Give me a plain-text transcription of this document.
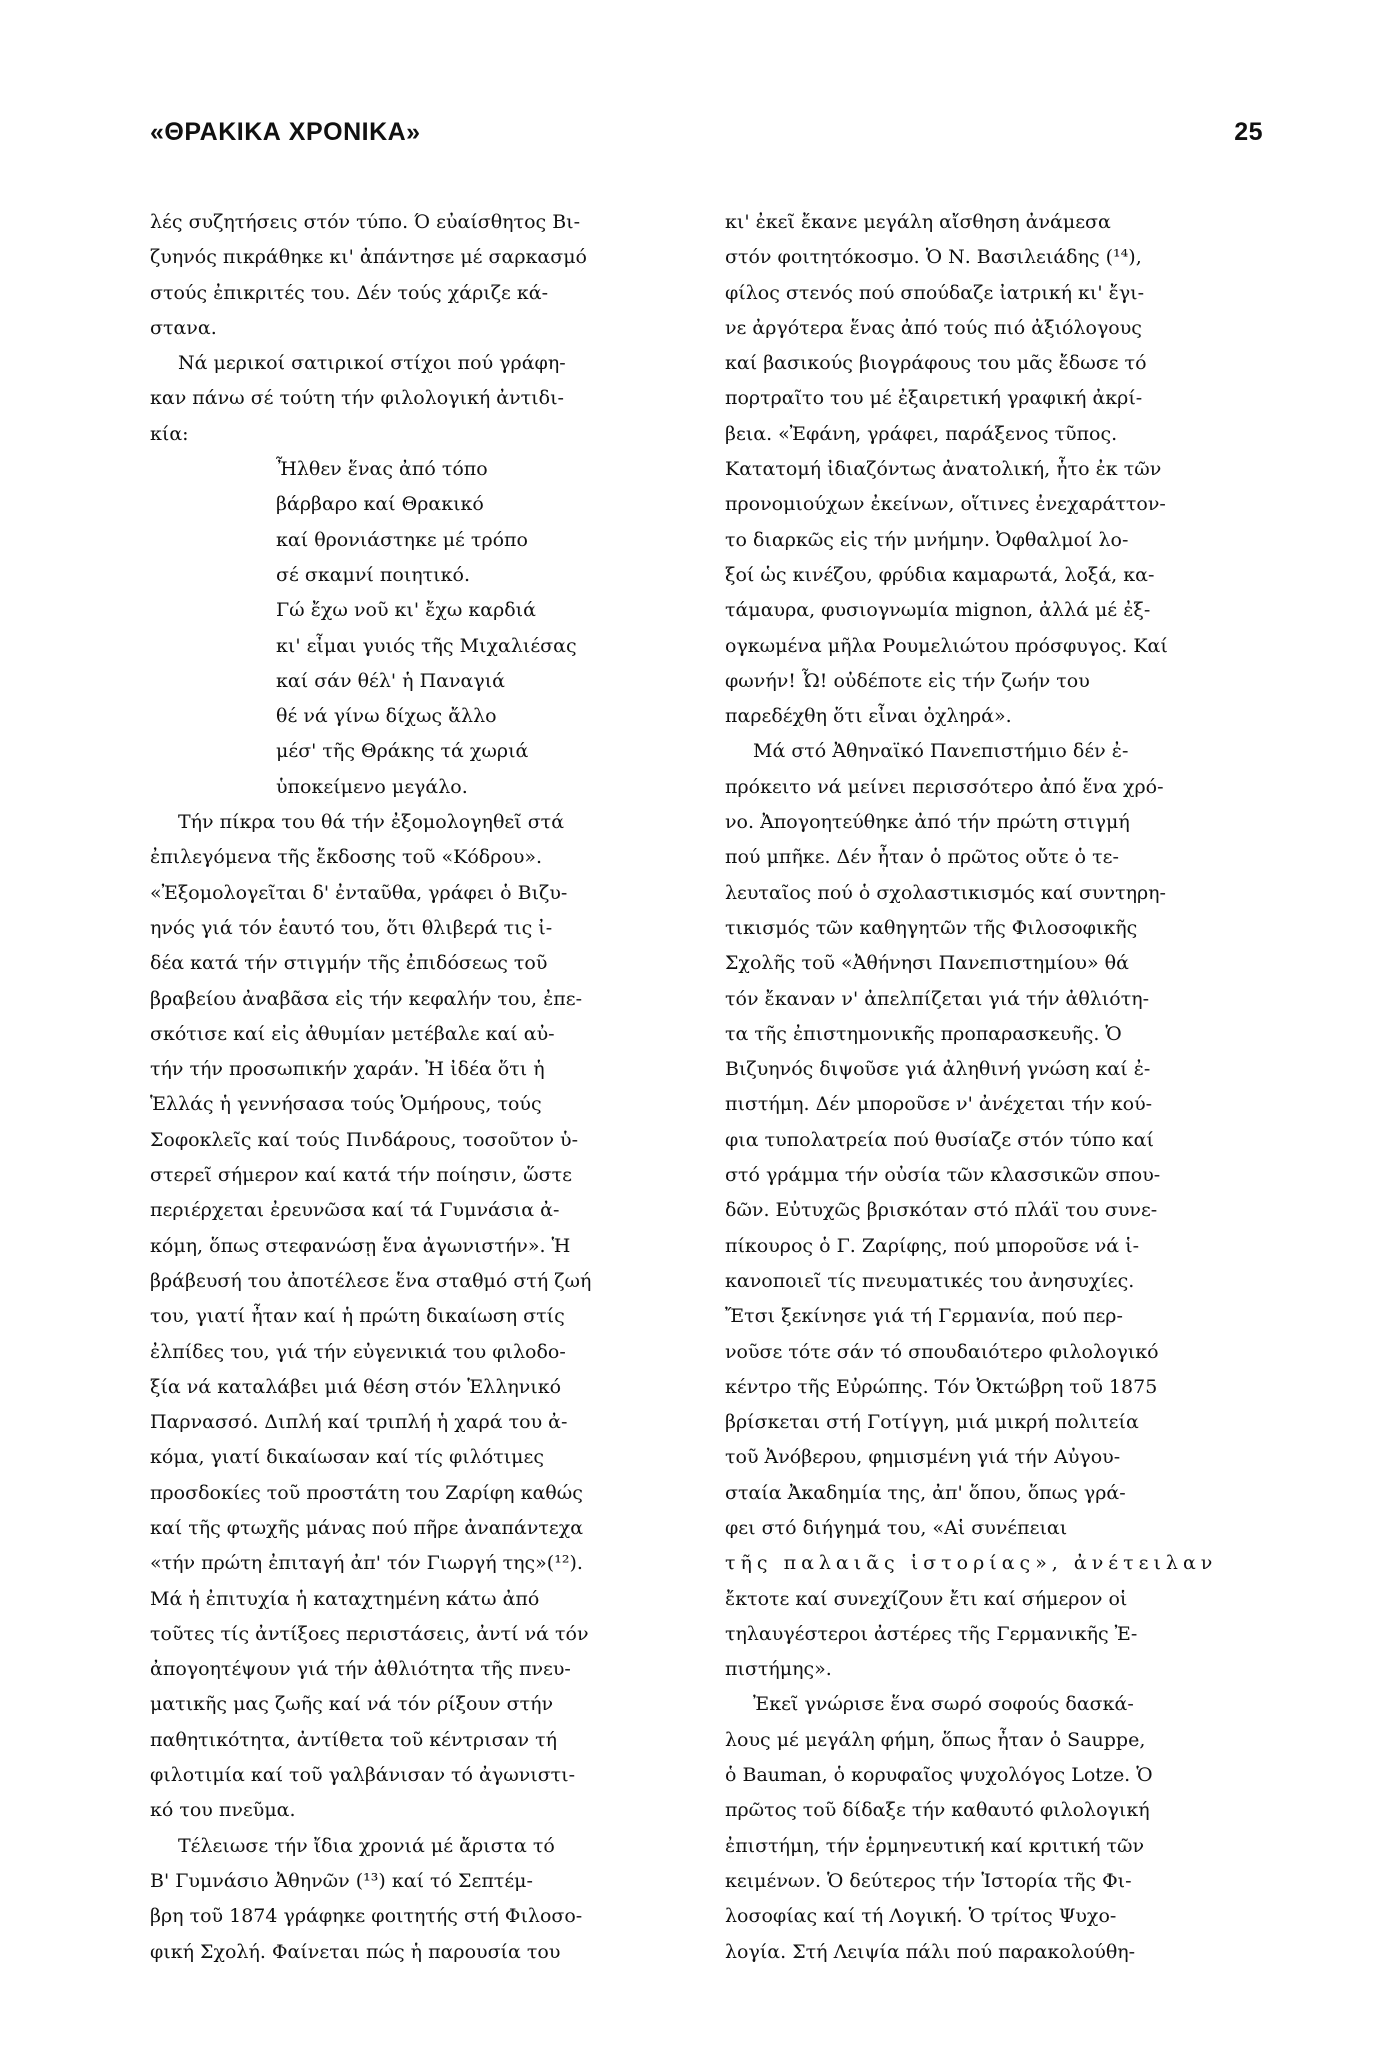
«ΘΡΑΚΙΚΑ ΧΡΟΝΙΚΑ»	25
λές συζητήσεις στόν τύπο. Ό εὐαίσθητος Βι-
ζυηνός πικράθηκε κι' ἀπάντησε μέ σαρκασμό
στούς ἐπικριτές του. Δέν τούς χάριζε κά-
στανα.
Νά μερικοί σατιρικοί στίχοι πού γράφη-
καν πάνω σέ τούτη τήν φιλολογική ἀντιδι-
κία:
Ἦλθεν ἕνας ἀπό τόπο
βάρβαρο καί Θρακικό
καί θρονιάστηκε μέ τρόπο
σέ σκαμνί ποιητικό.
Γώ ἔχω νοῦ κι' ἔχω καρδιά
κι' εἶμαι γυιός τῆς Μιχαλιέσας
καί σάν θέλ' ἡ Παναγιά
θέ νά γίνω δίχως ἄλλο
μέσ' τῆς Θράκης τά χωριά
ὑποκείμενο μεγάλο.
Τήν πίκρα του θά τήν ἐξομολογηθεῖ στά
ἐπιλεγόμενα τῆς ἔκδοσης τοῦ «Κόδρου».
«Ἐξομολογεῖται δ' ἐνταῦθα, γράφει ὁ Βιζυ-
ηνός γιά τόν ἑαυτό του, ὅτι θλιβερά τις ἰ-
δέα κατά τήν στιγμήν τῆς ἐπιδόσεως τοῦ
βραβείου ἀναβᾶσα εἰς τήν κεφαλήν του, ἐπε-
σκότισε καί εἰς ἀθυμίαν μετέβαλε καί αὐ-
τήν τήν προσωπικήν χαράν. Ἡ ἰδέα ὅτι ἡ
Ἑλλάς ἡ γεννήσασα τούς Ὁμήρους, τούς
Σοφοκλεῖς καί τούς Πινδάρους, τοσοῦτον ὑ-
στερεῖ σήμερον καί κατά τήν ποίησιν, ὥστε
περιέρχεται ἐρευνῶσα καί τά Γυμνάσια ἀ-
κόμη, ὅπως στεφανώσῃ ἕνα ἀγωνιστήν». Ἡ
βράβευσή του ἀποτέλεσε ἕνα σταθμό στή ζωή
του, γιατί ἦταν καί ἡ πρώτη δικαίωση στίς
ἐλπίδες του, γιά τήν εὐγενικιά του φιλοδο-
ξία νά καταλάβει μιά θέση στόν Ἑλληνικό
Παρνασσό. Διπλή καί τριπλή ἡ χαρά του ἀ-
κόμα, γιατί δικαίωσαν καί τίς φιλότιμες
προσδοκίες τοῦ προστάτη του Ζαρίφη καθώς
καί τῆς φτωχῆς μάνας πού πῆρε ἀναπάντεχα
«τήν πρώτη ἐπιταγή ἀπ' τόν Γιωργή της»(¹²).
Μά ἡ ἐπιτυχία ἡ καταχτημένη κάτω ἀπό
τοῦτες τίς ἀντίξοες περιστάσεις, ἀντί νά τόν
ἀπογοητέψουν γιά τήν ἀθλιότητα τῆς πνευ-
ματικῆς μας ζωῆς καί νά τόν ρίξουν στήν
παθητικότητα, ἀντίθετα τοῦ κέντρισαν τή
φιλοτιμία καί τοῦ γαλβάνισαν τό ἀγωνιστι-
κό του πνεῦμα.
Τέλειωσε τήν ἴδια χρονιά μέ ἄριστα τό
Β' Γυμνάσιο Ἀθηνῶν (¹³) καί τό Σεπτέμ-
βρη τοῦ 1874 γράφηκε φοιτητής στή Φιλοσο-
φική Σχολή. Φαίνεται πώς ἡ παρουσία του
κι' ἐκεῖ ἔκανε μεγάλη αἴσθηση ἀνάμεσα
στόν φοιτητόκοσμο. Ὁ Ν. Βασιλειάδης (¹⁴),
φίλος στενός πού σπούδαζε ἰατρική κι' ἔγι-
νε ἀργότερα ἕνας ἀπό τούς πιό ἀξιόλογους
καί βασικούς βιογράφους του μᾶς ἔδωσε τό
πορτραῖτο του μέ ἐξαιρετική γραφική ἀκρί-
βεια. «Ἐφάνη, γράφει, παράξενος τῦπος.
Κατατομή ἰδιαζόντως ἀνατολική, ἧτο ἐκ τῶν
προνομιούχων ἐκείνων, οἵτινες ἐνεχαράττον-
το διαρκῶς εἰς τήν μνήμην. Ὀφθαλμοί λο-
ξοί ὡς κινέζου, φρύδια καμαρωτά, λοξά, κα-
τάμαυρα, φυσιογνωμία mignon, ἀλλά μέ ἐξ-
ογκωμένα μῆλα Ρουμελιώτου πρόσφυγος. Καί
φωνήν! Ὦ! οὐδέποτε εἰς τήν ζωήν του
παρεδέχθη ὅτι εἶναι ὀχληρά».
Μά στό Ἀθηναϊκό Πανεπιστήμιο δέν ἐ-
πρόκειτο νά μείνει περισσότερο ἀπό ἕνα χρό-
νο. Ἀπογοητεύθηκε ἀπό τήν πρώτη στιγμή
πού μπῆκε. Δέν ἦταν ὁ πρῶτος οὔτε ὁ τε-
λευταῖος πού ὁ σχολαστικισμός καί συντηρη-
τικισμός τῶν καθηγητῶν τῆς Φιλοσοφικῆς
Σχολῆς τοῦ «Ἀθήνησι Πανεπιστημίου» θά
τόν ἔκαναν ν' ἀπελπίζεται γιά τήν ἀθλιότη-
τα τῆς ἐπιστημονικῆς προπαρασκευῆς. Ὁ
Βιζυηνός διψοῦσε γιά ἀληθινή γνώση καί ἐ-
πιστήμη. Δέν μποροῦσε ν' ἀνέχεται τήν κού-
φια τυπολατρεία πού θυσίαζε στόν τύπο καί
στό γράμμα τήν οὐσία τῶν κλασσικῶν σπου-
δῶν. Εὐτυχῶς βρισκόταν στό πλάϊ του συνε-
πίκουρος ὁ Γ. Ζαρίφης, πού μποροῦσε νά ἱ-
κανοποιεῖ τίς πνευματικές του ἀνησυχίες.
Ἔτσι ξεκίνησε γιά τή Γερμανία, πού περ-
νοῦσε τότε σάν τό σπουδαιότερο φιλολογικό
κέντρο τῆς Εὐρώπης. Τόν Ὀκτώβρη τοῦ 1875
βρίσκεται στή Γοτίγγη, μιά μικρή πολιτεία
τοῦ Ἀνόβερου, φημισμένη γιά τήν Αὐγου-
σταία Ἀκαδημία της, ἀπ' ὅπου, ὅπως γρά-
φει στό διήγημά του, «Αἱ συνέπειαι
τῆς παλαιᾶς ἱστορίας», ἀνέτειλαν
ἔκτοτε καί συνεχίζουν ἔτι καί σήμερον οἱ
τηλαυγέστεροι ἀστέρες τῆς Γερμανικῆς Ἐ-
πιστήμης».
Ἐκεῖ γνώρισε ἕνα σωρό σοφούς δασκά-
λους μέ μεγάλη φήμη, ὅπως ἦταν ὁ Sauppe,
ὁ Bauman, ὁ κορυφαῖος ψυχολόγος Lotze. Ὁ
πρῶτος τοῦ δίδαξε τήν καθαυτό φιλολογική
ἐπιστήμη, τήν ἑρμηνευτική καί κριτική τῶν
κειμένων. Ὁ δεύτερος τήν Ἱστορία τῆς Φι-
λοσοφίας καί τή Λογική. Ὁ τρίτος Ψυχο-
λογία. Στή Λειψία πάλι πού παρακολούθη-
